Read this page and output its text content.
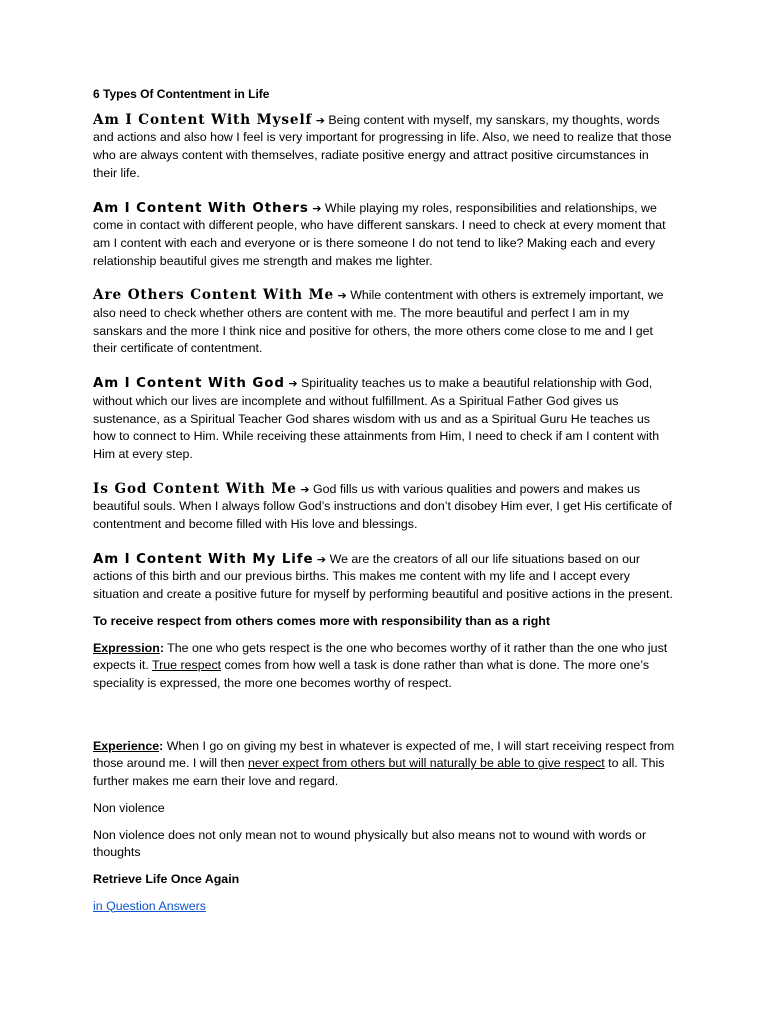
6 Types Of Contentment in Life
Am I Content With Myself ➔ Being content with myself, my sanskars, my thoughts, words and actions and also how I feel is very important for progressing in life. Also, we need to realize that those who are always content with themselves, radiate positive energy and attract positive circumstances in their life.
Am I Content With Others ➔ While playing my roles, responsibilities and relationships, we come in contact with different people, who have different sanskars. I need to check at every moment that am I content with each and everyone or is there someone I do not tend to like? Making each and every relationship beautiful gives me strength and makes me lighter.
Are Others Content With Me ➔ While contentment with others is extremely important, we also need to check whether others are content with me. The more beautiful and perfect I am in my sanskars and the more I think nice and positive for others, the more others come close to me and I get their certificate of contentment.
Am I Content With God ➔ Spirituality teaches us to make a beautiful relationship with God, without which our lives are incomplete and without fulfillment. As a Spiritual Father God gives us sustenance, as a Spiritual Teacher God shares wisdom with us and as a Spiritual Guru He teaches us how to connect to Him. While receiving these attainments from Him, I need to check if am I content with Him at every step.
Is God Content With Me ➔ God fills us with various qualities and powers and makes us beautiful souls. When I always follow God’s instructions and don’t disobey Him ever, I get His certificate of contentment and become filled with His love and blessings.
Am I Content With My Life ➔ We are the creators of all our life situations based on our actions of this birth and our previous births. This makes me content with my life and I accept every situation and create a positive future for myself by performing beautiful and positive actions in the present.

To receive respect from others comes more with responsibility than as a right

Expression: The one who gets respect is the one who becomes worthy of it rather than the one who just expects it. True respect comes from how well a task is done rather than what is done. The more one’s speciality is expressed, the more one becomes worthy of respect.

Experience: When I go on giving my best in whatever is expected of me, I will start receiving respect from those around me. I will then never expect from others but will naturally be able to give respect to all. This further makes me earn their love and regard.

Non violence

Non violence does not only mean not to wound physically but also means not to wound with words or thoughts

Retrieve Life Once Again

in Question Answers
